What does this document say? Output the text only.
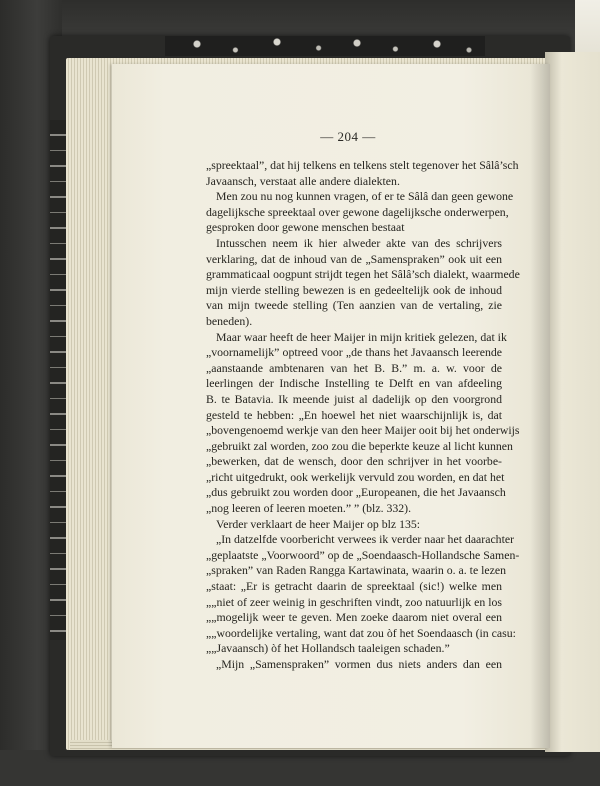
— 204 —
„spreektaal”, dat hij telkens en telkens stelt tegenover het Sâlâ’sch
Javaansch, verstaat alle andere dialekten.
Men zou nu nog kunnen vragen, of er te Sâlâ dan geen gewone
dagelijksche spreektaal over gewone dagelijksche onderwerpen,
gesproken door gewone menschen bestaat
Intusschen neem ik hier alweder akte van des schrijvers
verklaring, dat de inhoud van de „Samenspraken” ook uit een
grammaticaal oogpunt strijdt tegen het Sâlâ’sch dialekt, waarmede
mijn vierde stelling bewezen is en gedeeltelijk ook de inhoud
van mijn tweede stelling (Ten aanzien van de vertaling, zie
beneden).
Maar waar heeft de heer Maijer in mijn kritiek gelezen, dat ik
„voornamelijk” optreed voor „de thans het Javaansch leerende
„aanstaande ambtenaren van het B. B.” m. a. w. voor de
leerlingen der Indische Instelling te Delft en van afdeeling
B. te Batavia. Ik meende juist al dadelijk op den voorgrond
gesteld te hebben: „En hoewel het niet waarschijnlijk is, dat
„bovengenoemd werkje van den heer Maijer ooit bij het onderwijs
„gebruikt zal worden, zoo zou die beperkte keuze al licht kunnen
„bewerken, dat de wensch, door den schrijver in het voorbe-
„richt uitgedrukt, ook werkelijk vervuld zou worden, en dat het
„dus gebruikt zou worden door „Europeanen, die het Javaansch
„nog leeren of leeren moeten.” ” (blz. 332).
Verder verklaart de heer Maijer op blz 135:
„In datzelfde voorbericht verwees ik verder naar het daarachter
„geplaatste „Voorwoord” op de „Soendaasch-Hollandsche Samen-
„spraken” van Raden Rangga Kartawinata, waarin o. a. te lezen
„staat: „Er is getracht daarin de spreektaal (sic!) welke men
„„niet of zeer weinig in geschriften vindt, zoo natuurlijk en los
„„mogelijk weer te geven. Men zoeke daarom niet overal een
„„woordelijke vertaling, want dat zou òf het Soendaasch (in casu:
„„Javaansch) òf het Hollandsch taaleigen schaden.”
„Mijn „Samenspraken” vormen dus niets anders dan een
